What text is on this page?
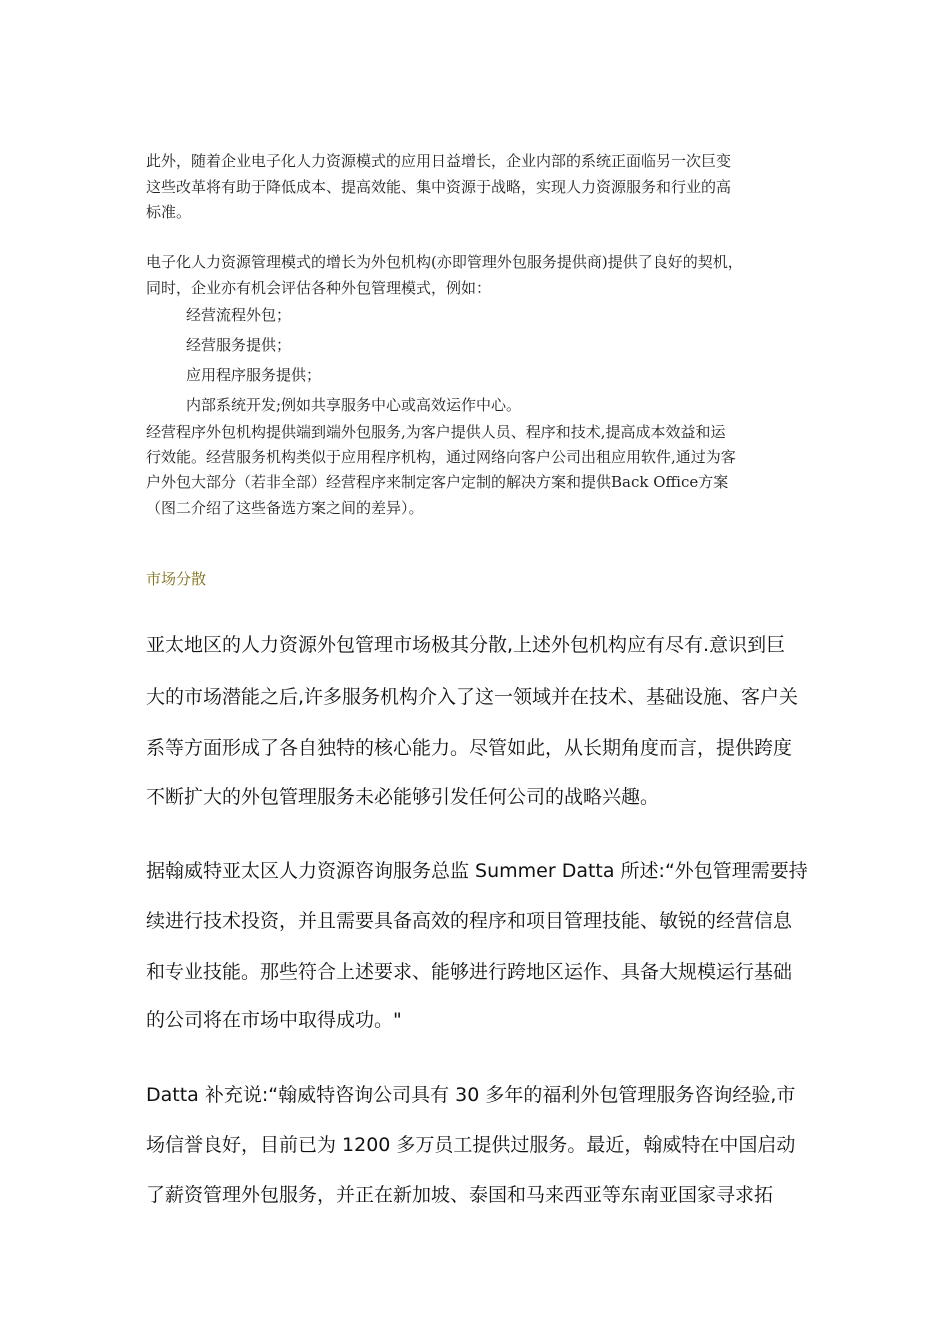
此外，随着企业电子化人力资源模式的应用日益增长，企业内部的系统正面临另一次巨变
这些改革将有助于降低成本、提高效能、集中资源于战略，实现人力资源服务和行业的高
标准。
电子化人力资源管理模式的增长为外包机构(亦即管理外包服务提供商)提供了良好的契机，
同时，企业亦有机会评估各种外包管理模式，例如：
经营流程外包；
经营服务提供；
应用程序服务提供；
内部系统开发;例如共享服务中心或高效运作中心。
经营程序外包机构提供端到端外包服务,为客户提供人员、程序和技术,提高成本效益和运
行效能。经营服务机构类似于应用程序机构，通过网络向客户公司出租应用软件,通过为客
户外包大部分（若非全部）经营程序来制定客户定制的解决方案和提供Back Office方案
（图二介绍了这些备选方案之间的差异）。
市场分散
亚太地区的人力资源外包管理市场极其分散,上述外包机构应有尽有.意识到巨
大的市场潜能之后,许多服务机构介入了这一领域并在技术、基础设施、客户关
系等方面形成了各自独特的核心能力。尽管如此，从长期角度而言，提供跨度
不断扩大的外包管理服务未必能够引发任何公司的战略兴趣。
据翰威特亚太区人力资源咨询服务总监 Summer Datta 所述:“外包管理需要持
续进行技术投资，并且需要具备高效的程序和项目管理技能、敏锐的经营信息
和专业技能。那些符合上述要求、能够进行跨地区运作、具备大规模运行基础
的公司将在市场中取得成功。"
Datta 补充说:“翰威特咨询公司具有 30 多年的福利外包管理服务咨询经验,市
场信誉良好，目前已为 1200 多万员工提供过服务。最近，翰威特在中国启动
了薪资管理外包服务，并正在新加坡、泰国和马来西亚等东南亚国家寻求拓
